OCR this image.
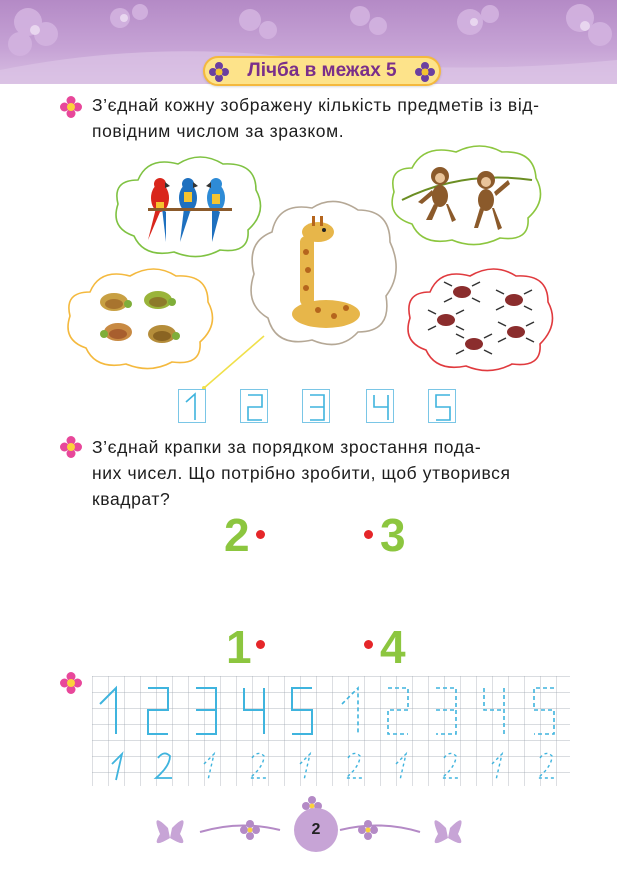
Лічба в межах 5
З’єднай кожну зображену кількість предметів із від-
повідним числом за зразком.
З’єднай крапки за порядком зростання пода-
них чисел. Що потрібно зробити, щоб утворився
квадрат?
2	3
1	4
2
